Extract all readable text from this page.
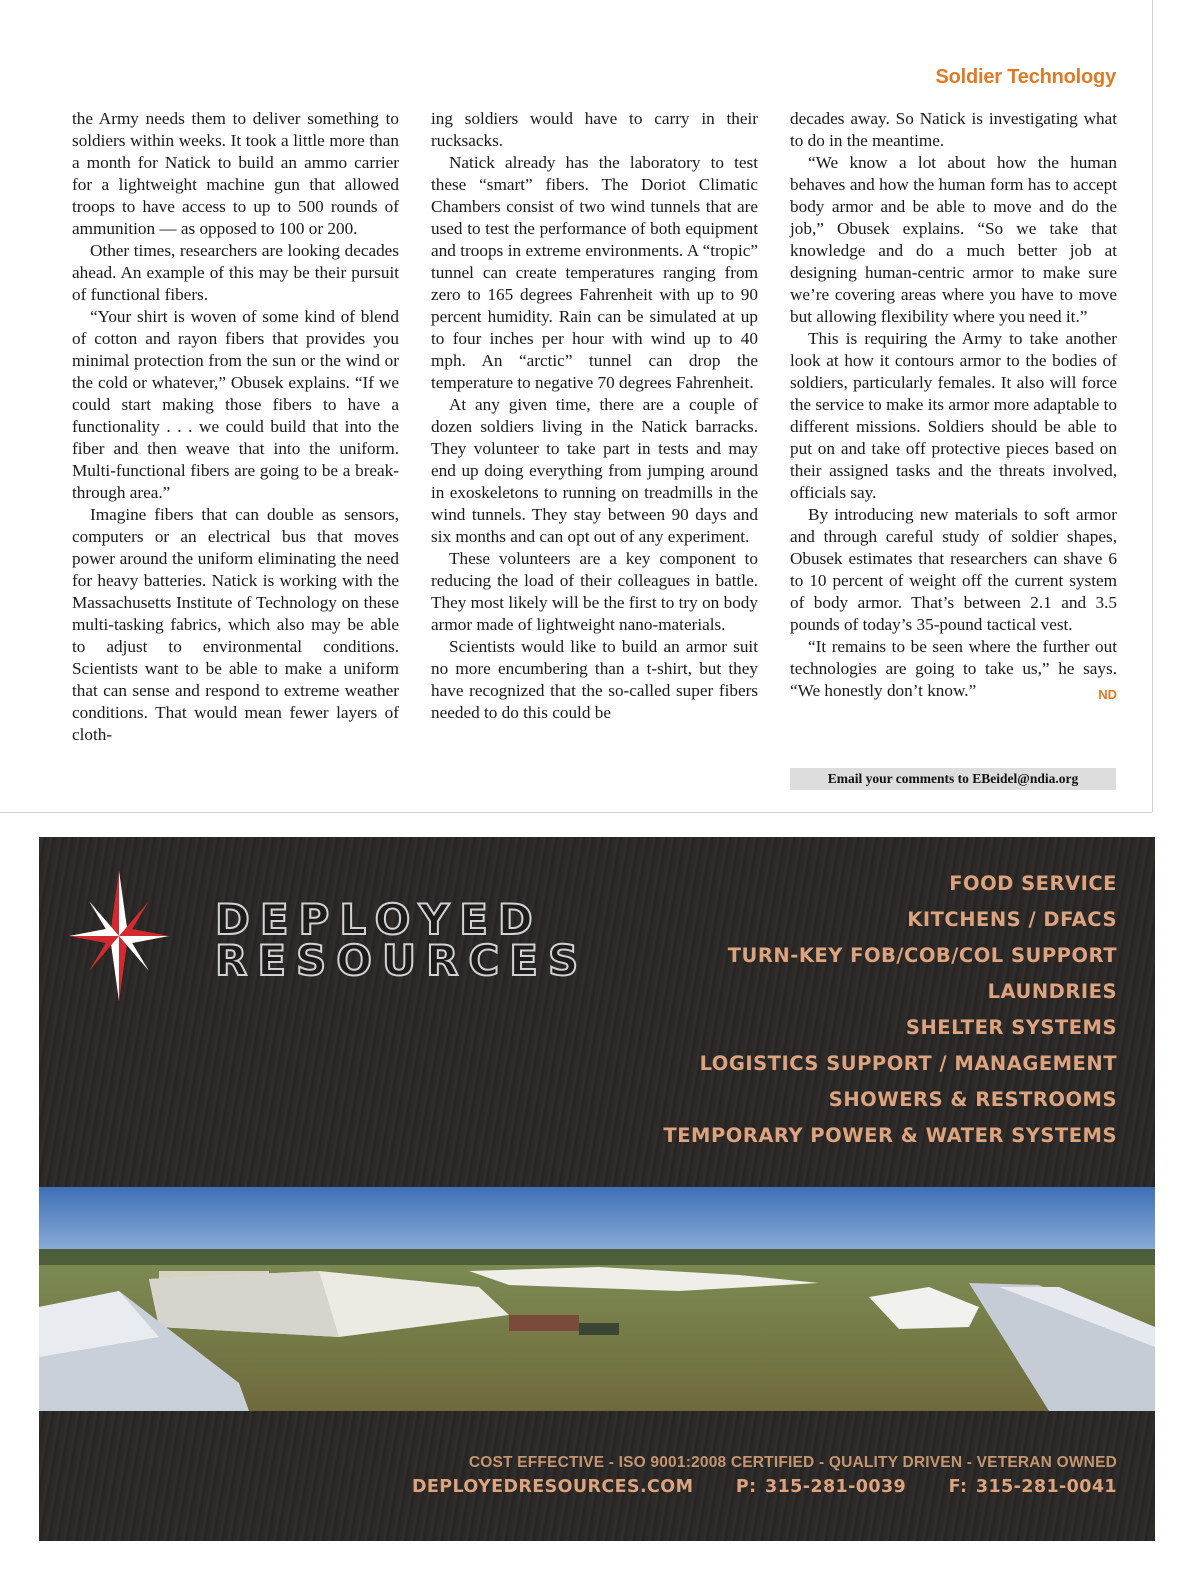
Soldier Technology

the Army needs them to deliver something to soldiers within weeks. It took a little more than a month for Natick to build an ammo carrier for a lightweight machine gun that allowed troops to have access to up to 500 rounds of ammunition — as opposed to 100 or 200.

Other times, researchers are looking decades ahead. An example of this may be their pursuit of functional fibers.

“Your shirt is woven of some kind of blend of cotton and rayon fibers that provides you minimal protection from the sun or the wind or the cold or whatever,” Obusek explains. “If we could start making those fibers to have a functionality . . . we could build that into the fiber and then weave that into the uniform. Multi-functional fibers are going to be a break-through area.”

Imagine fibers that can double as sensors, computers or an electrical bus that moves power around the uniform eliminating the need for heavy batteries. Natick is working with the Massachusetts Institute of Technology on these multi-tasking fabrics, which also may be able to adjust to environmental conditions. Scientists want to be able to make a uniform that can sense and respond to extreme weather conditions. That would mean fewer layers of cloth-

ing soldiers would have to carry in their rucksacks.

Natick already has the laboratory to test these “smart” fibers. The Doriot Climatic Chambers consist of two wind tunnels that are used to test the performance of both equipment and troops in extreme environments. A “tropic” tunnel can create temperatures ranging from zero to 165 degrees Fahrenheit with up to 90 percent humidity. Rain can be simulated at up to four inches per hour with wind up to 40 mph. An “arctic” tunnel can drop the temperature to negative 70 degrees Fahrenheit.

At any given time, there are a couple of dozen soldiers living in the Natick barracks. They volunteer to take part in tests and may end up doing everything from jumping around in exoskeletons to running on treadmills in the wind tunnels. They stay between 90 days and six months and can opt out of any experiment.

These volunteers are a key component to reducing the load of their colleagues in battle. They most likely will be the first to try on body armor made of lightweight nano-materials.

Scientists would like to build an armor suit no more encumbering than a t-shirt, but they have recognized that the so-called super fibers needed to do this could be

decades away. So Natick is investigating what to do in the meantime.

“We know a lot about how the human behaves and how the human form has to accept body armor and be able to move and do the job,” Obusek explains. “So we take that knowledge and do a much better job at designing human-centric armor to make sure we’re covering areas where you have to move but allowing flexibility where you need it.”

This is requiring the Army to take another look at how it contours armor to the bodies of soldiers, particularly females. It also will force the service to make its armor more adaptable to different missions. Soldiers should be able to put on and take off protective pieces based on their assigned tasks and the threats involved, officials say.

By introducing new materials to soft armor and through careful study of soldier shapes, Obusek estimates that researchers can shave 6 to 10 percent of weight off the current system of body armor. That’s between 2.1 and 3.5 pounds of today’s 35-pound tactical vest.

“It remains to be seen where the further out technologies are going to take us,” he says. “We honestly don’t know.”	ND

Email your comments to EBeidel@ndia.org
DEPLOYED
RESOURCES
FOOD SERVICE
KITCHENS / DFACS
TURN-KEY FOB/COB/COL SUPPORT
LAUNDRIES
SHELTER SYSTEMS
LOGISTICS SUPPORT / MANAGEMENT
SHOWERS & RESTROOMS
TEMPORARY POWER & WATER SYSTEMS
COST EFFECTIVE - ISO 9001:2008 CERTIFIED - QUALITY DRIVEN - VETERAN OWNED
DEPLOYEDRESOURCES.COM P: 315-281-0039 F: 315-281-0041
